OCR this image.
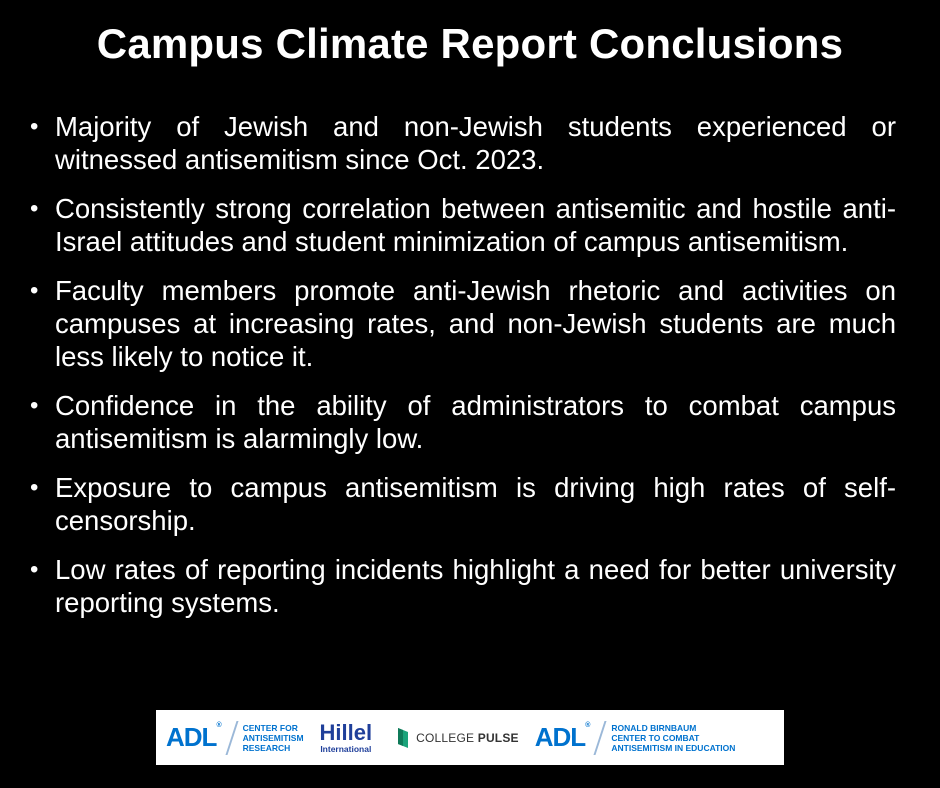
Campus Climate Report Conclusions
• Majority of Jewish and non-Jewish students experienced or witnessed antisemitism since Oct. 2023.
• Consistently strong correlation between antisemitic and hostile anti-Israel attitudes and student minimization of campus antisemitism.
• Faculty members promote anti-Jewish rhetoric and activities on campuses at increasing rates, and non-Jewish students are much less likely to notice it.
• Confidence in the ability of administrators to combat campus antisemitism is alarmingly low.
• Exposure to campus antisemitism is driving high rates of self-censorship.
• Low rates of reporting incidents highlight a need for better university reporting systems.
ADL®	CENTER FOR
ANTISEMITISM
RESEARCH
Hillel
International
COLLEGE PULSE ADL®	RONALD BIRNBAUM
CENTER TO COMBAT
ANTISEMITISM IN EDUCATION
